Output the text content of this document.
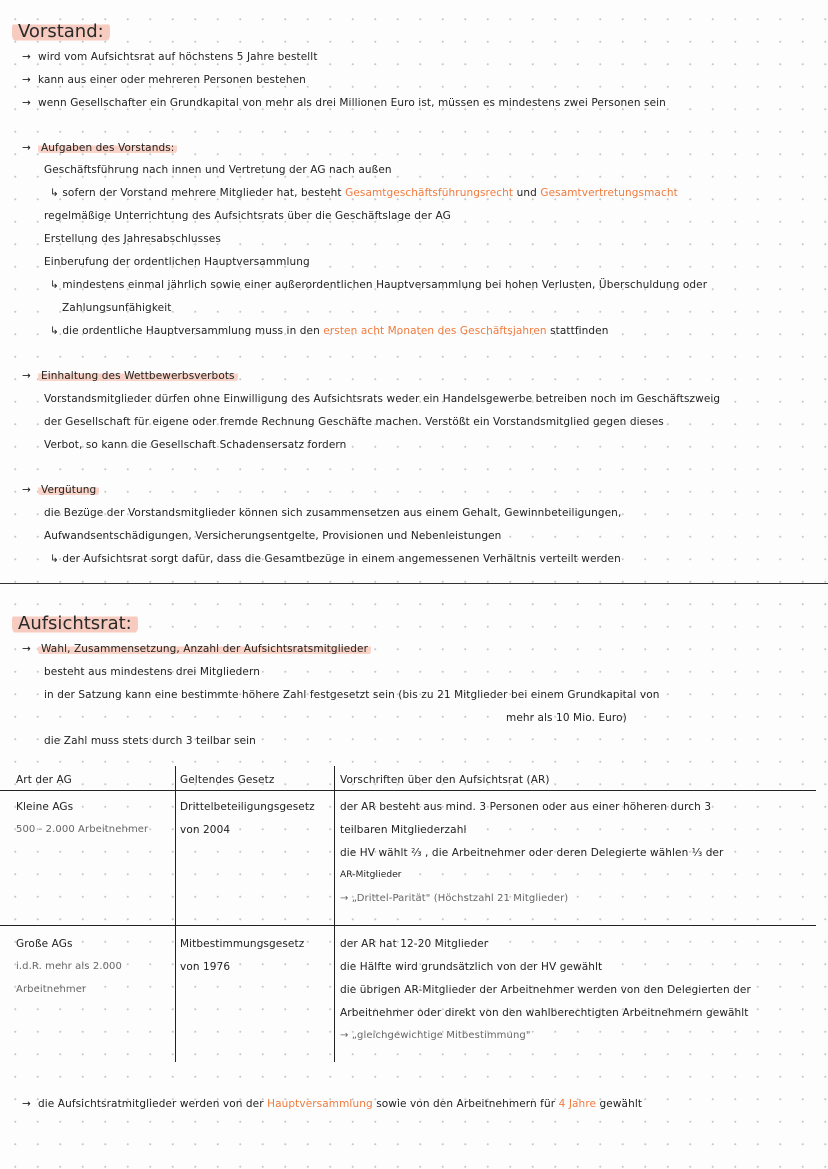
Vorstand:
→ wird vom Aufsichtsrat auf höchstens 5 Jahre bestellt
→ kann aus einer oder mehreren Personen bestehen
→ wenn Gesellschafter ein Grundkapital von mehr als drei Millionen Euro ist, müssen es mindestens zwei Personen sein
→ Aufgaben des Vorstands:
Geschäftsführung nach innen und Vertretung der AG nach außen
↳ sofern der Vorstand mehrere Mitglieder hat, besteht Gesamtgeschäftsführungsrecht und Gesamtvertretungsmacht
regelmäßige Unterrichtung des Aufsichtsrats über die Geschäftslage der AG
Erstellung des Jahresabschlusses
Einberufung der ordentlichen Hauptversammlung
↳ mindestens einmal jährlich sowie einer außerordentlichen Hauptversammlung bei hohen Verlusten, Überschuldung oder
Zahlungsunfähigkeit
↳ die ordentliche Hauptversammlung muss in den ersten acht Monaten des Geschäftsjahren stattfinden
→ Einhaltung des Wettbewerbsverbots
Vorstandsmitglieder dürfen ohne Einwilligung des Aufsichtsrats weder ein Handelsgewerbe betreiben noch im Geschäftszweig
der Gesellschaft für eigene oder fremde Rechnung Geschäfte machen. Verstößt ein Vorstandsmitglied gegen dieses
Verbot, so kann die Gesellschaft Schadensersatz fordern
→ Vergütung
die Bezüge der Vorstandsmitglieder können sich zusammensetzen aus einem Gehalt, Gewinnbeteiligungen,
Aufwandsentschädigungen, Versicherungsentgelte, Provisionen und Nebenleistungen
↳ der Aufsichtsrat sorgt dafür, dass die Gesamtbezüge in einem angemessenen Verhältnis verteilt werden
Aufsichtsrat:
→ Wahl, Zusammensetzung, Anzahl der Aufsichtsratsmitglieder
besteht aus mindestens drei Mitgliedern
in der Satzung kann eine bestimmte höhere Zahl festgesetzt sein (bis zu 21 Mitglieder bei einem Grundkapital von
mehr als 10 Mio. Euro)
die Zahl muss stets durch 3 teilbar sein
Art der AG	Geltendes Gesetz	Vorschriften über den Aufsichtsrat (AR)
Kleine AGs
500 - 2.000 Arbeitnehmer
Drittelbeteiligungsgesetz
von 2004
der AR besteht aus mind. 3 Personen oder aus einer höheren durch 3
teilbaren Mitgliederzahl
die HV wählt ²⁄₃ , die Arbeitnehmer oder deren Delegierte wählen ¹⁄₃ der
AR-Mitglieder
→ „Drittel-Parität" (Höchstzahl 21 Mitglieder)
Große AGs
i.d.R. mehr als 2.000
Arbeitnehmer
Mitbestimmungsgesetz
von 1976
der AR hat 12-20 Mitglieder
die Hälfte wird grundsätzlich von der HV gewählt
die übrigen AR-Mitglieder der Arbeitnehmer werden von den Delegierten der
Arbeitnehmer oder direkt von den wahlberechtigten Arbeitnehmern gewählt
→ „gleichgewichtige Mitbestimmung"
→ die Aufsichtsratmitglieder werden von der Hauptversammlung sowie von den Arbeitnehmern für 4 Jahre gewählt
